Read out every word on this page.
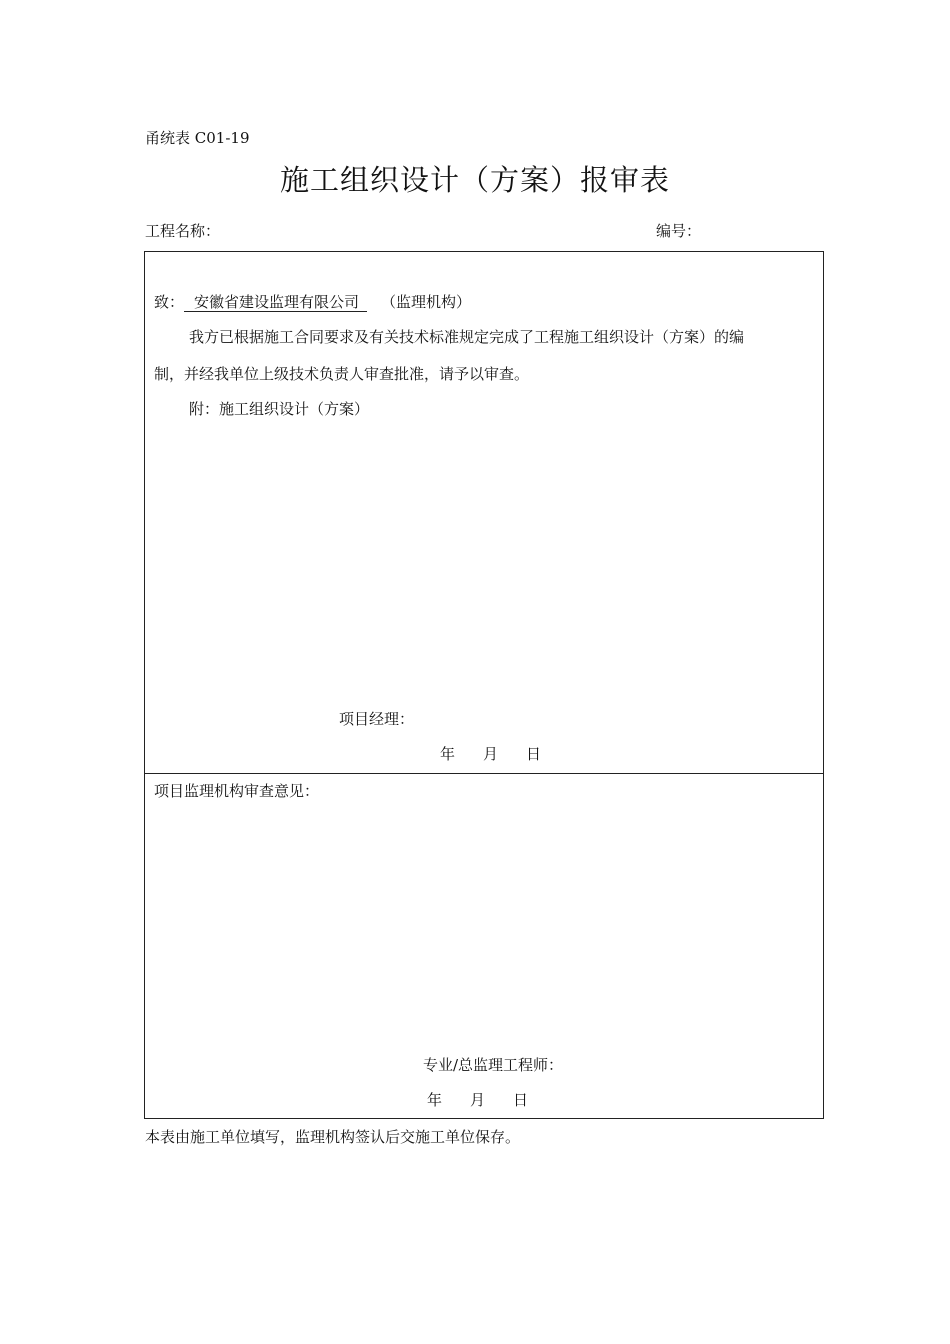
甬统表 C01-19
施工组织设计（方案）报审表
工程名称：	编号：
致： 安徽省建设监理有限公司 （监理机构）
我方已根据施工合同要求及有关技术标准规定完成了工程施工组织设计（方案）的编
制，并经我单位上级技术负责人审查批准，请予以审查。
附：施工组织设计（方案）
项目经理：
年 月 日
项目监理机构审查意见：
专业/总监理工程师：
年 月 日
本表由施工单位填写，监理机构签认后交施工单位保存。
